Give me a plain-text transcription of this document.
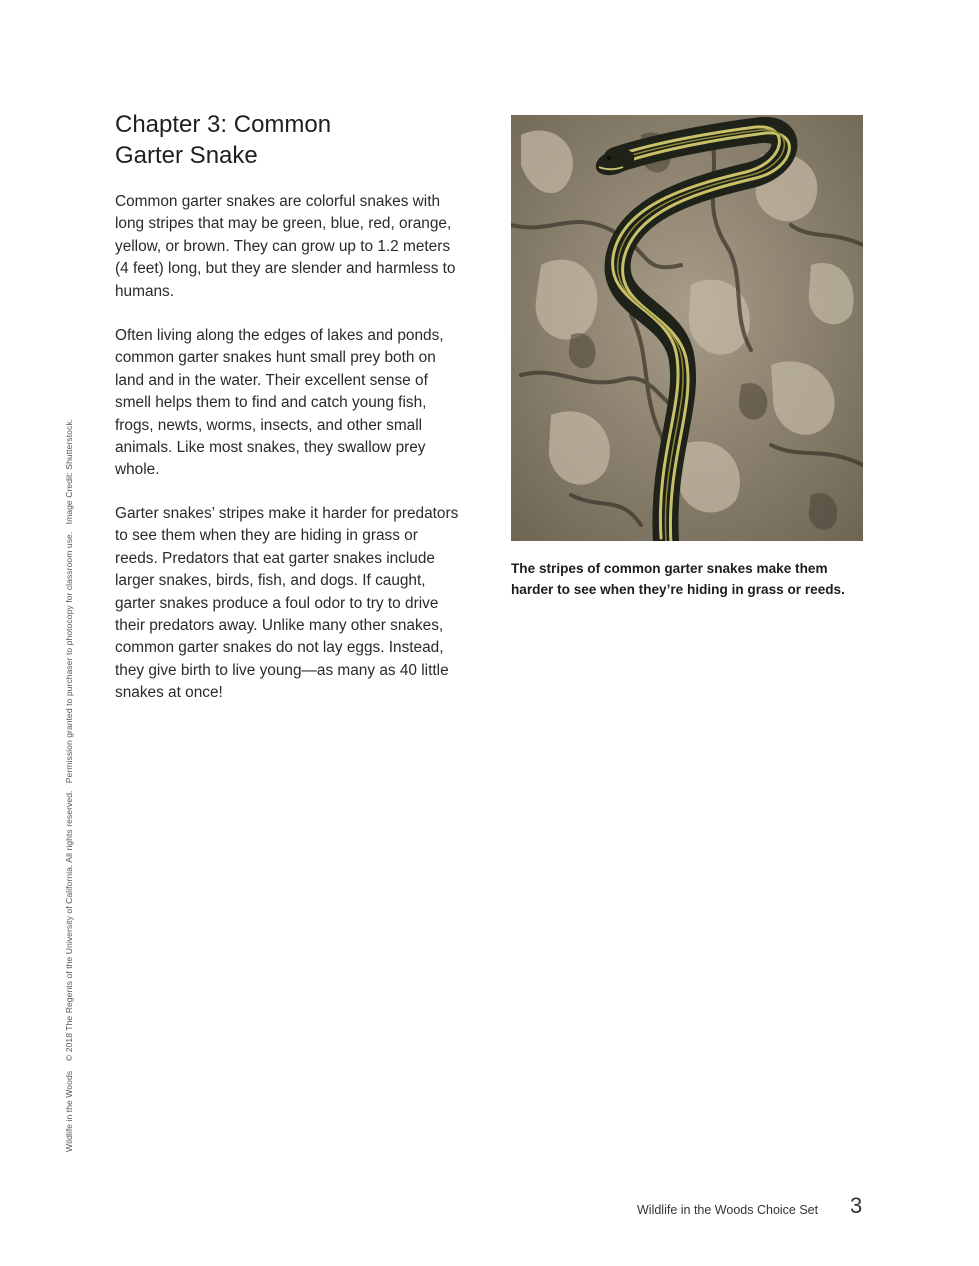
Wildlife in the Woods    © 2018 The Regents of the University of California. All rights reserved.   Permission granted to purchaser to photocopy for classroom use.   Image Credit: Shutterstock.
Chapter 3: Common Garter Snake

Common garter snakes are colorful snakes with long stripes that may be green, blue, red, orange, yellow, or brown. They can grow up to 1.2 meters (4 feet) long, but they are slender and harmless to humans.

Often living along the edges of lakes and ponds, common garter snakes hunt small prey both on land and in the water. Their excellent sense of smell helps them to find and catch young fish, frogs, newts, worms, insects, and other small animals. Like most snakes, they swallow prey whole.

Garter snakes’ stripes make it harder for predators to see them when they are hiding in grass or reeds. Predators that eat garter snakes include larger snakes, birds, fish, and dogs. If caught, garter snakes produce a foul odor to try to drive their predators away. Unlike many other snakes, common garter snakes do not lay eggs. Instead, they give birth to live young—as many as 40 little snakes at once!

The stripes of common garter snakes make them harder to see when they’re hiding in grass or reeds.

Wildlife in the Woods Choice Set 3
